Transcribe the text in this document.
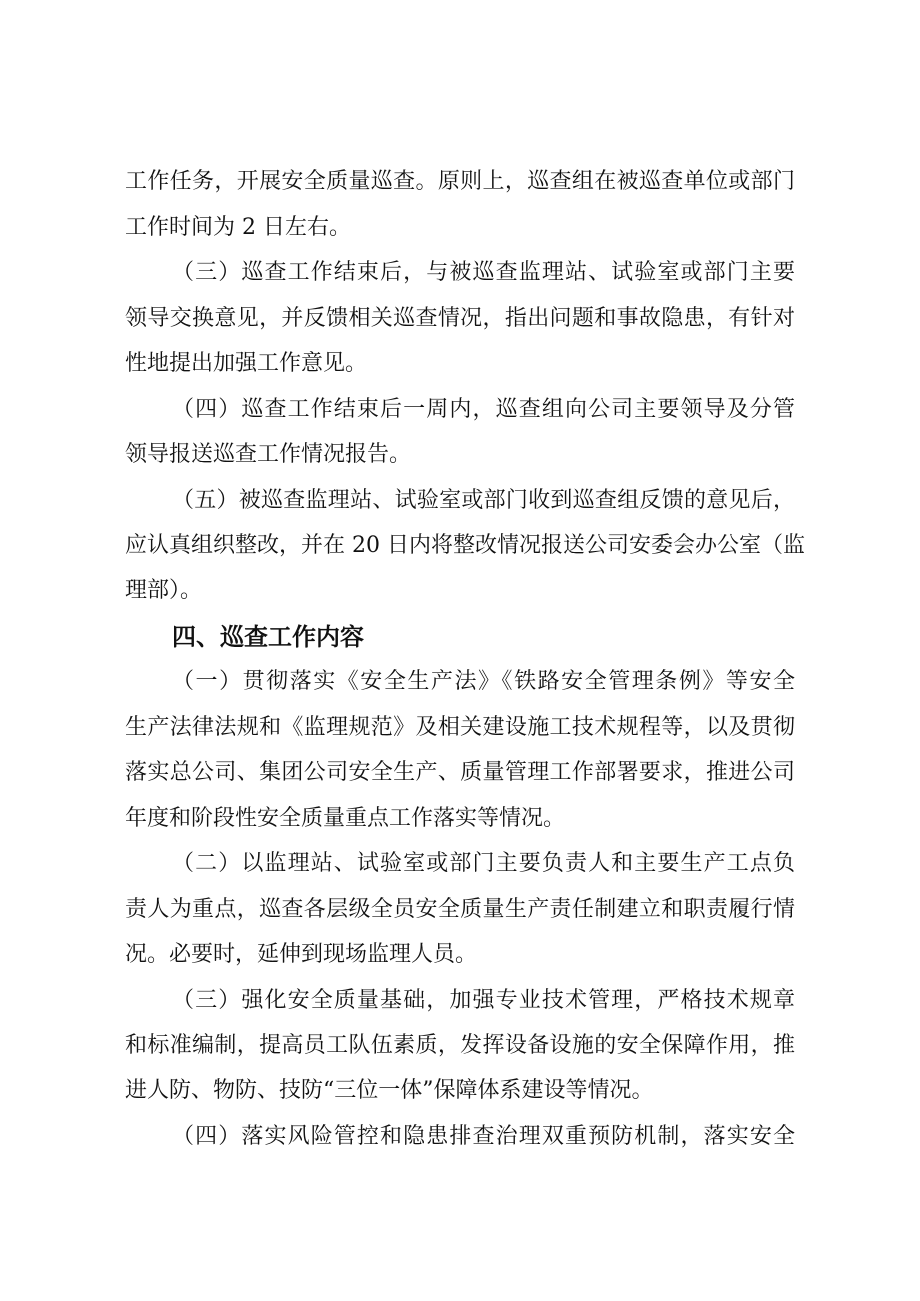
工作任务，开展安全质量巡查。原则上，巡查组在被巡查单位或部门
工作时间为 2 日左右。
（三）巡查工作结束后，与被巡查监理站、试验室或部门主要
领导交换意见，并反馈相关巡查情况，指出问题和事故隐患，有针对
性地提出加强工作意见。
（四）巡查工作结束后一周内，巡查组向公司主要领导及分管
领导报送巡查工作情况报告。
（五）被巡查监理站、试验室或部门收到巡查组反馈的意见后，
应认真组织整改，并在 20 日内将整改情况报送公司安委会办公室（监
理部）。
四、巡查工作内容
（一）贯彻落实《安全生产法》《铁路安全管理条例》等安全
生产法律法规和《监理规范》及相关建设施工技术规程等，以及贯彻
落实总公司、集团公司安全生产、质量管理工作部署要求，推进公司
年度和阶段性安全质量重点工作落实等情况。
（二）以监理站、试验室或部门主要负责人和主要生产工点负
责人为重点，巡查各层级全员安全质量生产责任制建立和职责履行情
况。必要时，延伸到现场监理人员。
（三）强化安全质量基础，加强专业技术管理，严格技术规章
和标准编制，提高员工队伍素质，发挥设备设施的安全保障作用，推
进人防、物防、技防“三位一体”保障体系建设等情况。
（四）落实风险管控和隐患排查治理双重预防机制，落实安全
